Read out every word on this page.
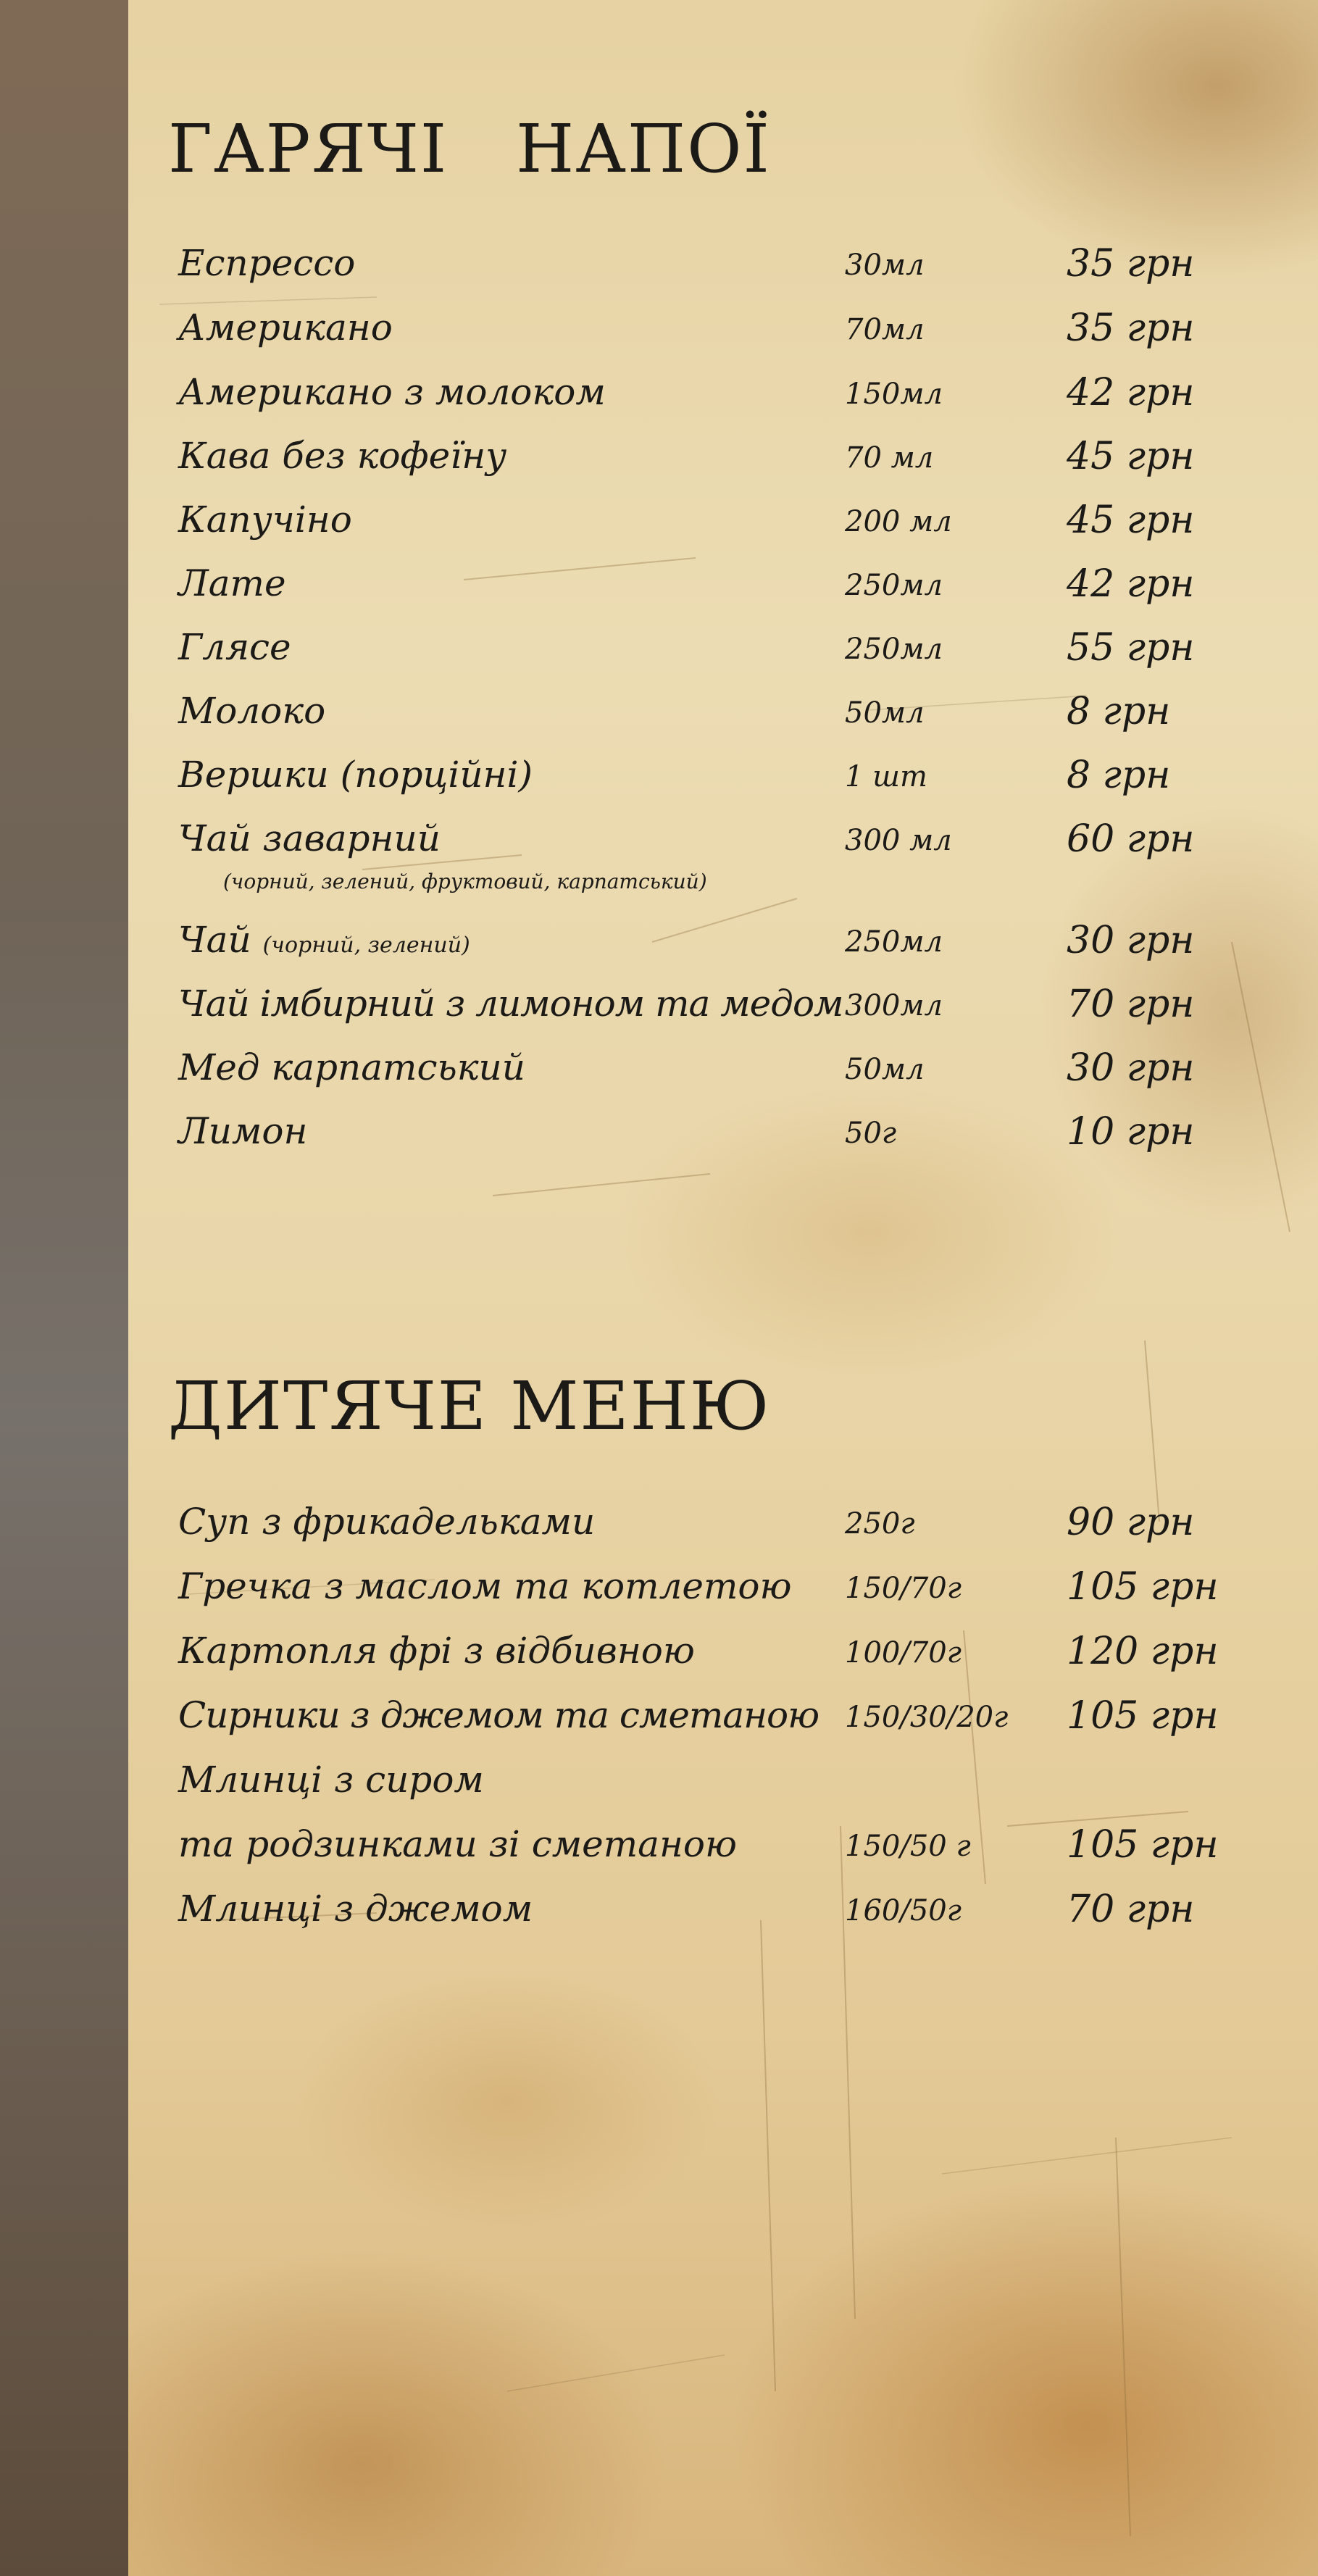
ГАРЯЧІ   НАПОЇ
Еспрессо	30мл	35 грн
Американо	70мл	35 грн
Американо з молоком	150мл	42 грн
Кава без кофеїну	70 мл	45 грн
Капучіно	200 мл	45 грн
Лате	250мл	42 грн
Глясе	250мл	55 грн
Молоко	50мл	8 грн
Вершки (порційні)	1 шт	8 грн
Чай заварний	300 мл	60 грн
(чорний, зелений, фруктовий, карпатський)
Чай (чорний, зелений)	250мл	30 грн
Чай імбирний з лимоном та медом 300мл	70 грн
Мед карпатський	50мл	30 грн
Лимон	50г	10 грн
ДИТЯЧЕ МЕНЮ
Суп з фрикадельками	250г	90 грн
Гречка з маслом та котлетою 150/70г	105 грн
Картопля фрі з відбивною	100/70г	120 грн
Сирники з джемом та сметаною 150/30/20г 105 грн
Млинці з сиром
та родзинками зі сметаною	150/50 г	105 грн
Млинці з джемом	160/50г	70 грн
